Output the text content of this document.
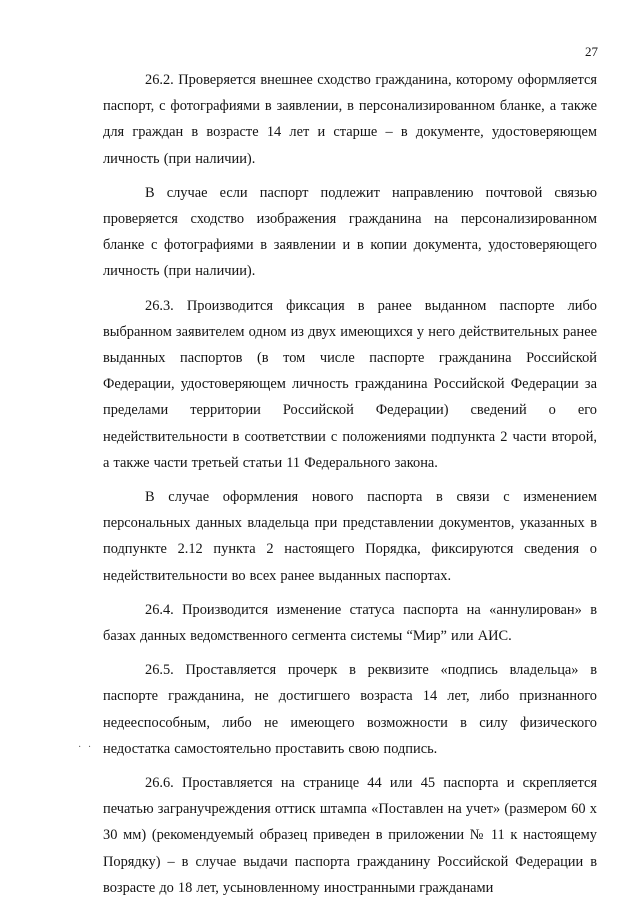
27
· ·

26.2. Проверяется внешнее сходство гражданина, которому оформляется паспорт, с фотографиями в заявлении, в персонализированном бланке, а также для граждан в возрасте 14 лет и старше – в документе, удостоверяющем личность (при наличии).

В случае если паспорт подлежит направлению почтовой связью проверяется сходство изображения гражданина на персонализированном бланке с фотографиями в заявлении и в копии документа, удостоверяющего личность (при наличии).

26.3. Производится фиксация в ранее выданном паспорте либо выбранном заявителем одном из двух имеющихся у него действительных ранее выданных паспортов (в том числе паспорте гражданина Российской Федерации, удостоверяющем личность гражданина Российской Федерации за пределами территории Российской Федерации) сведений о его недействительности в соответствии с положениями подпункта 2 части второй, а также части третьей статьи 11 Федерального закона.

В случае оформления нового паспорта в связи с изменением персональных данных владельца при представлении документов, указанных в подпункте 2.12 пункта 2 настоящего Порядка, фиксируются сведения о недействительности во всех ранее выданных паспортах.

26.4. Производится изменение статуса паспорта на «аннулирован» в базах данных ведомственного сегмента системы “Мир” или АИС.

26.5. Проставляется прочерк в реквизите «подпись владельца» в паспорте гражданина, не достигшего возраста 14 лет, либо признанного недееспособным, либо не имеющего возможности в силу физического недостатка самостоятельно проставить свою подпись.

26.6. Проставляется на странице 44 или 45 паспорта и скрепляется печатью загранучреждения оттиск штампа «Поставлен на учет» (размером 60 х 30 мм) (рекомендуемый образец приведен в приложении № 11 к настоящему Порядку) – в случае выдачи паспорта гражданину Российской Федерации в возрасте до 18 лет, усыновленному иностранными гражданами
